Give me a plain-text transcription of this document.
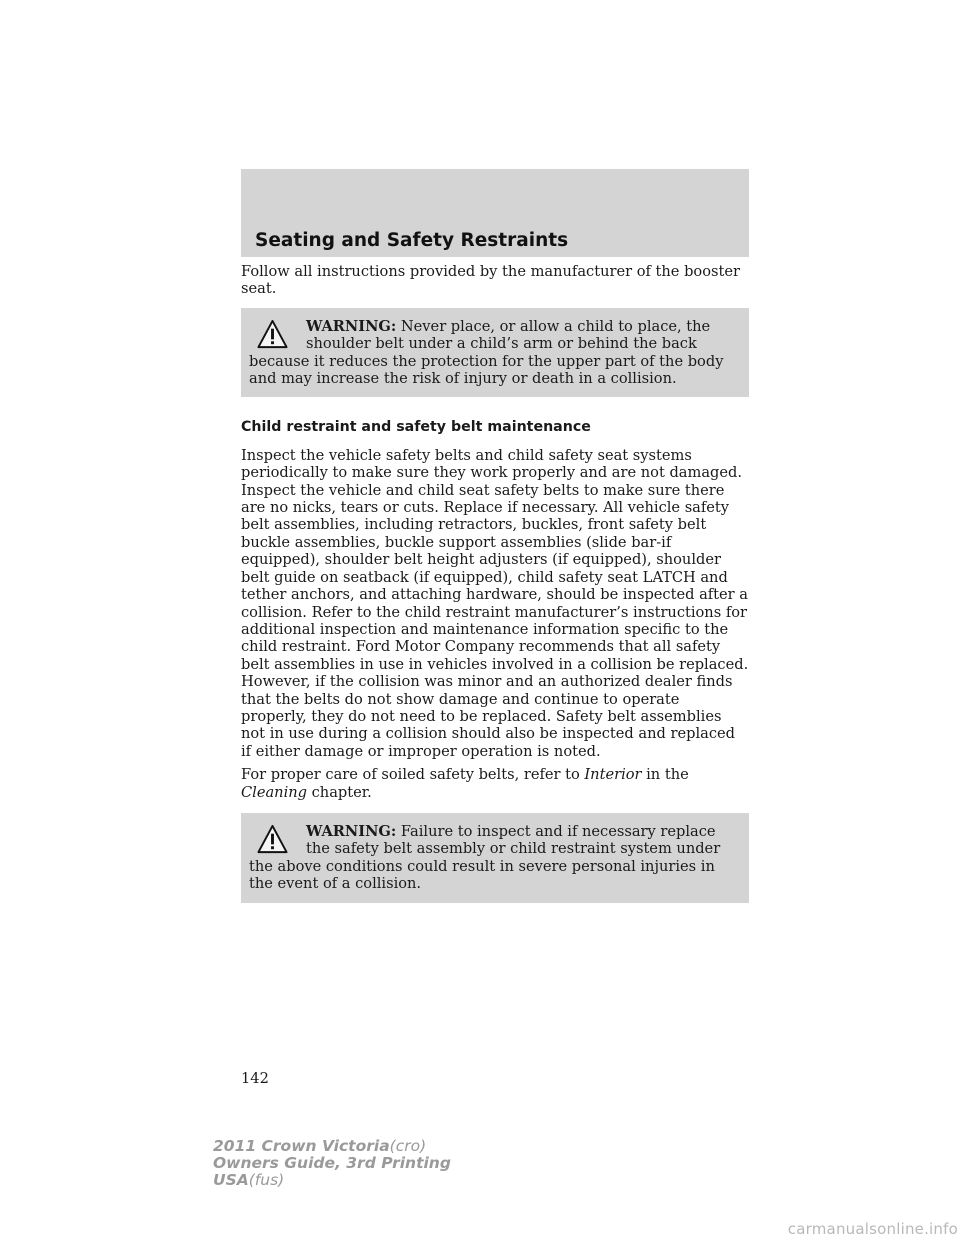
Seating and Safety Restraints

Follow all instructions provided by the manufacturer of the booster seat.

WARNING: Never place, or allow a child to place, the shoulder belt under a child’s arm or behind the back because it reduces the protection for the upper part of the body and may increase the risk of injury or death in a collision.

Child restraint and safety belt maintenance

Inspect the vehicle safety belts and child safety seat systems periodically to make sure they work properly and are not damaged. Inspect the vehicle and child seat safety belts to make sure there are no nicks, tears or cuts. Replace if necessary. All vehicle safety belt assemblies, including retractors, buckles, front safety belt buckle assemblies, buckle support assemblies (slide bar-if equipped), shoulder belt height adjusters (if equipped), shoulder belt guide on seatback (if equipped), child safety seat LATCH and tether anchors, and attaching hardware, should be inspected after a collision. Refer to the child restraint manufacturer’s instructions for additional inspection and maintenance information specific to the child restraint. Ford Motor Company recommends that all safety belt assemblies in use in vehicles involved in a collision be replaced. However, if the collision was minor and an authorized dealer finds that the belts do not show damage and continue to operate properly, they do not need to be replaced. Safety belt assemblies not in use during a collision should also be inspected and replaced if either damage or improper operation is noted.

For proper care of soiled safety belts, refer to Interior in the Cleaning chapter.

WARNING: Failure to inspect and if necessary replace the safety belt assembly or child restraint system under the above conditions could result in severe personal injuries in the event of a collision.
142
2011 Crown Victoria(cro)
Owners Guide, 3rd Printing
USA(fus)
carmanualsonline.info
